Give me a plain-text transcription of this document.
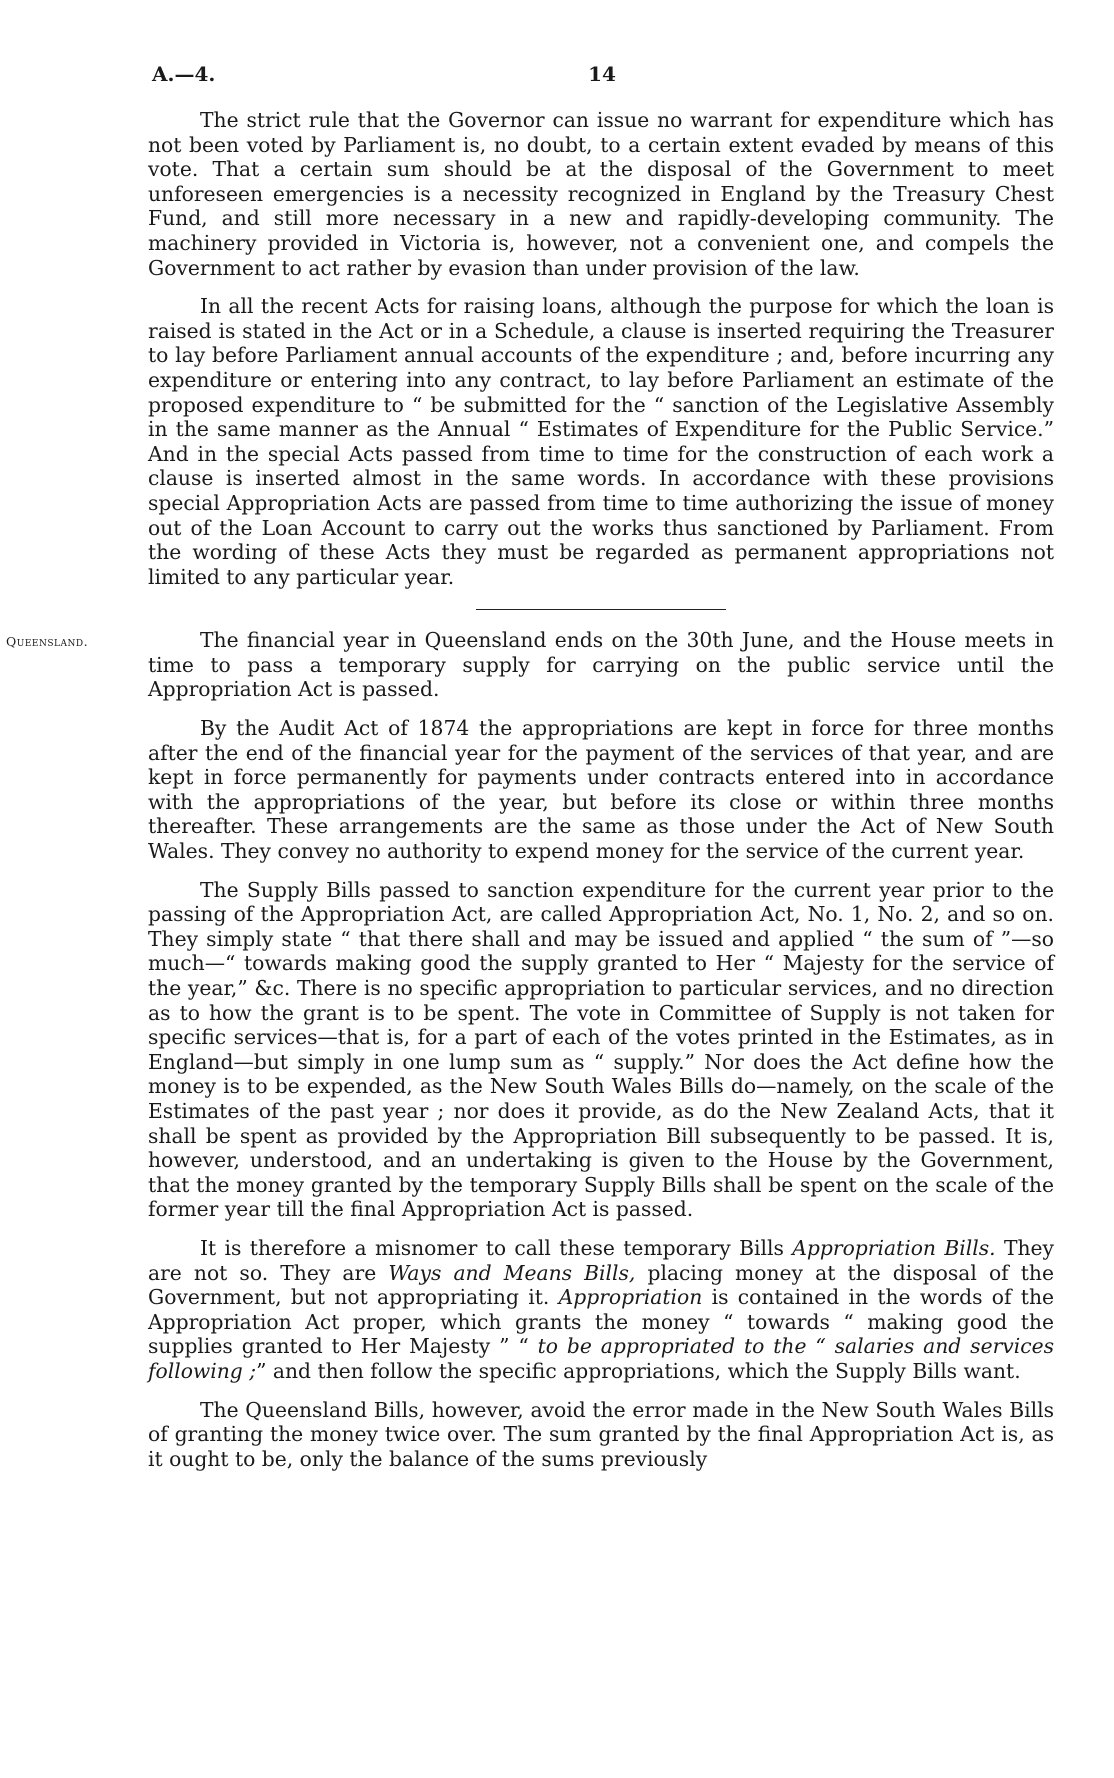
A.—4.	14

The strict rule that the Governor can issue no warrant for expenditure which has not been voted by Parliament is, no doubt, to a certain extent evaded by means of this vote. That a certain sum should be at the disposal of the Government to meet unforeseen emergencies is a necessity recognized in England by the Treasury Chest Fund, and still more necessary in a new and rapidly-developing community. The machinery provided in Victoria is, however, not a convenient one, and compels the Government to act rather by evasion than under provision of the law.

In all the recent Acts for raising loans, although the purpose for which the loan is raised is stated in the Act or in a Schedule, a clause is inserted requiring the Treasurer to lay before Parliament annual accounts of the expenditure ; and, before incurring any expenditure or entering into any contract, to lay before Parliament an estimate of the proposed expenditure to “ be submitted for the “ sanction of the Legislative Assembly in the same manner as the Annual “ Estimates of Expenditure for the Public Service.” And in the special Acts passed from time to time for the construction of each work a clause is inserted almost in the same words. In accordance with these provisions special Appropriation Acts are passed from time to time authorizing the issue of money out of the Loan Account to carry out the works thus sanctioned by Parliament. From the wording of these Acts they must be regarded as permanent appropriations not limited to any particular year.

Queensland.	The financial year in Queensland ends on the 30th June, and the House meets in time to pass a temporary supply for carrying on the public service until the Appropriation Act is passed.

By the Audit Act of 1874 the appropriations are kept in force for three months after the end of the financial year for the payment of the services of that year, and are kept in force permanently for payments under contracts entered into in accordance with the appropriations of the year, but before its close or within three months thereafter. These arrangements are the same as those under the Act of New South Wales. They convey no authority to expend money for the service of the current year.

The Supply Bills passed to sanction expenditure for the current year prior to the passing of the Appropriation Act, are called Appropriation Act, No. 1, No. 2, and so on. They simply state “ that there shall and may be issued and applied “ the sum of ”—so much—“ towards making good the supply granted to Her “ Majesty for the service of the year,” &c. There is no specific appropriation to particular services, and no direction as to how the grant is to be spent. The vote in Committee of Supply is not taken for specific services—that is, for a part of each of the votes printed in the Estimates, as in England—but simply in one lump sum as “ supply.” Nor does the Act define how the money is to be expended, as the New South Wales Bills do—namely, on the scale of the Estimates of the past year ; nor does it provide, as do the New Zealand Acts, that it shall be spent as provided by the Appropriation Bill subsequently to be passed. It is, however, understood, and an undertaking is given to the House by the Government, that the money granted by the temporary Supply Bills shall be spent on the scale of the former year till the final Appropriation Act is passed.

It is therefore a misnomer to call these temporary Bills Appropriation Bills. They are not so. They are Ways and Means Bills, placing money at the disposal of the Government, but not appropriating it. Appropriation is contained in the words of the Appropriation Act proper, which grants the money “ towards “ making good the supplies granted to Her Majesty ” “ to be appropriated to the “ salaries and services following ;” and then follow the specific appropriations, which the Supply Bills want.

The Queensland Bills, however, avoid the error made in the New South Wales Bills of granting the money twice over. The sum granted by the final Appropriation Act is, as it ought to be, only the balance of the sums previously
